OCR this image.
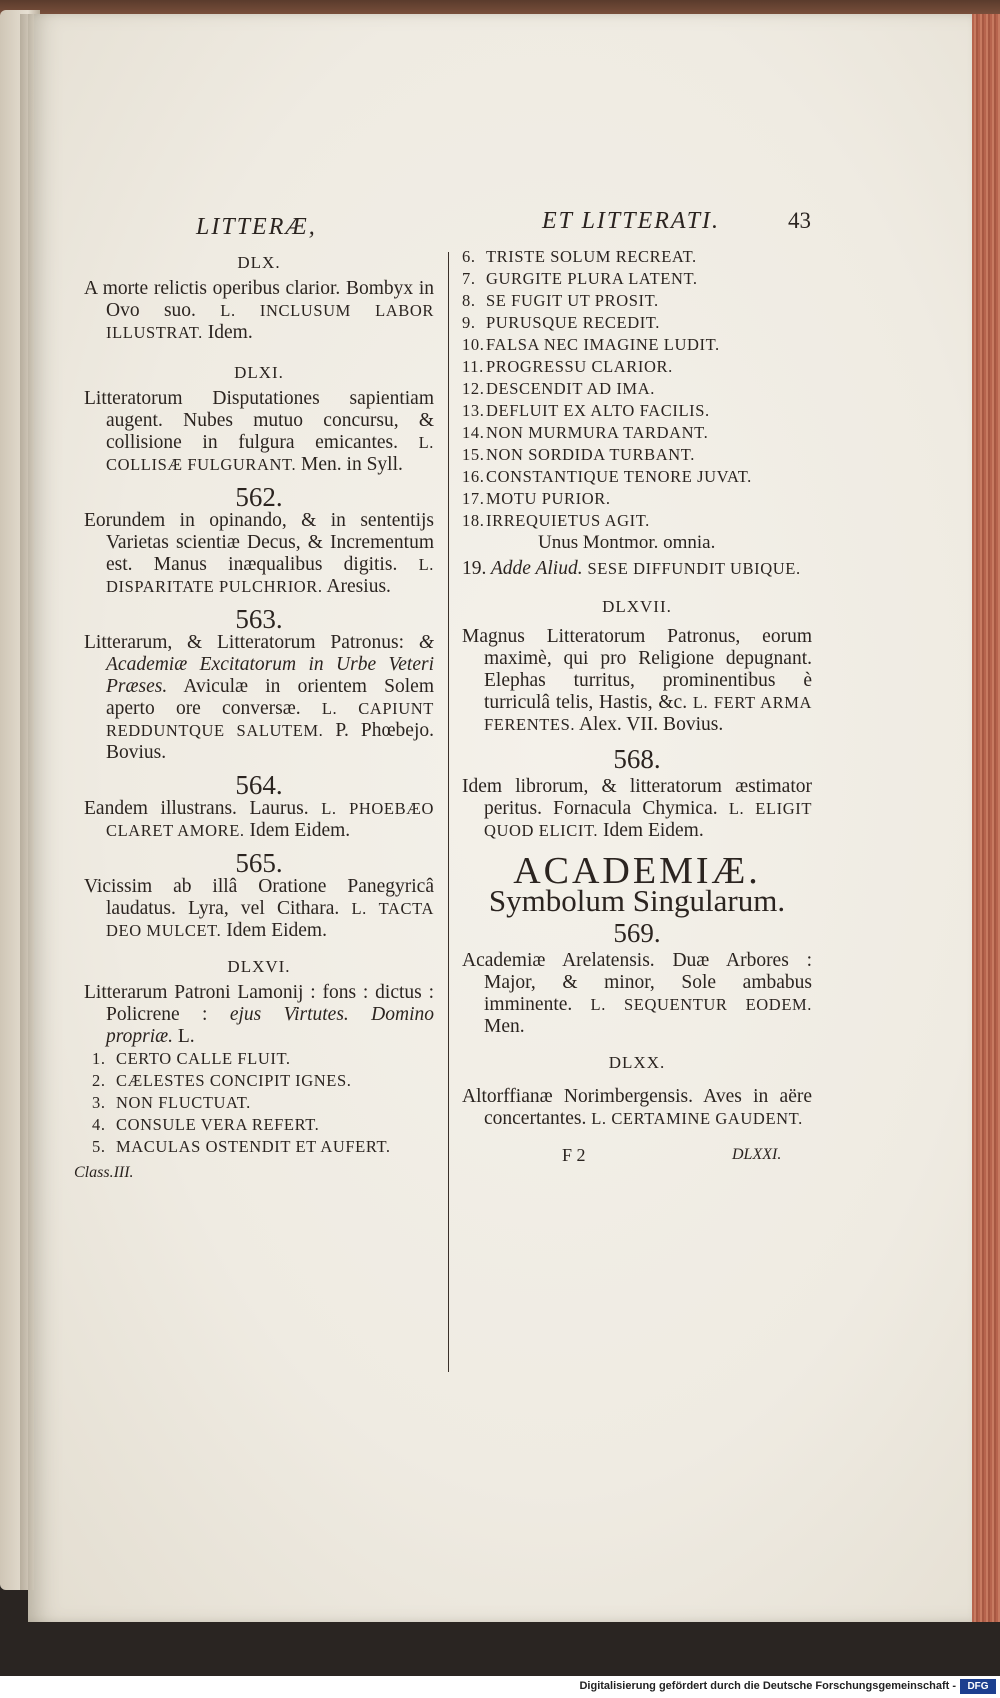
LITTERÆ,	ET LITTERATI.	43

DLX.

A morte relictis operibus clarior. Bombyx in Ovo suo. L. INCLUSUM LABOR ILLUSTRAT. Idem.

DLXI.

Litteratorum Disputationes sapientiam augent. Nubes mutuo concursu, & collisione in fulgura emicantes. L. COLLISÆ FULGURANT. Men. in Syll.

562.

Eorundem in opinando, & in sententijs Varietas scientiæ Decus, & Incrementum est. Manus inæqualibus digitis. L. DISPARITATE PULCHRIOR. Aresius.

563.

Litterarum, & Litteratorum Patronus: & Academiæ Excitatorum in Urbe Veteri Præses. Aviculæ in orientem Solem aperto ore conversæ. L. CAPIUNT REDDUNTQUE SALUTEM. P. Phœbejo. Bovius.

564.

Eandem illustrans. Laurus. L. PHOEBÆO CLARET AMORE. Idem Eidem.

565.

Vicissim ab illâ Oratione Panegyricâ laudatus. Lyra, vel Cithara. L. TACTA DEO MULCET. Idem Eidem.

DLXVI.

Litterarum Patroni Lamonij : fons : dictus : Policrene : ejus Virtutes. Domino propriæ. L.

1. CERTO CALLE FLUIT.

2. CÆLESTES CONCIPIT IGNES.

3. NON FLUCTUAT.

4. CONSULE VERA REFERT.

5. MACULAS OSTENDIT ET AUFERT.

Class.III.

6. TRISTE SOLUM RECREAT.

7. GURGITE PLURA LATENT.

8. SE FUGIT UT PROSIT.

9. PURUSQUE RECEDIT.

10.FALSA NEC IMAGINE LUDIT.

11. PROGRESSU CLARIOR.

12.DESCENDIT AD IMA.

13.DEFLUIT EX ALTO FACILIS.

14.NON MURMURA TARDANT.

15.NON SORDIDA TURBANT.

16.CONSTANTIQUE TENORE JUVAT.

17.MOTU PURIOR.

18.IRREQUIETUS AGIT.

Unus Montmor. omnia.

19. Adde Aliud. SESE DIFFUNDIT UBIQUE.

DLXVII.

Magnus Litteratorum Patronus, eorum maximè, qui pro Religione depugnant. Elephas turritus, prominentibus è turriculâ telis, Hastis, &c. L. FERT ARMA FERENTES. Alex. VII. Bovius.

568.

Idem librorum, & litteratorum æstimator peritus. Fornacula Chymica. L. ELIGIT QUOD ELICIT. Idem Eidem.

ACADEMIÆ.

Symbolum Singularum.

569.

Academiæ Arelatensis. Duæ Arbores : Major, & minor, Sole ambabus imminente. L. SEQUENTUR EODEM. Men.

DLXX.

Altorffianæ Norimbergensis. Aves in aëre concertantes. L. CERTAMINE GAUDENT.

F 2	DLXXI.
Digitalisierung gefördert durch die Deutsche Forschungsgemeinschaft -	DFG
